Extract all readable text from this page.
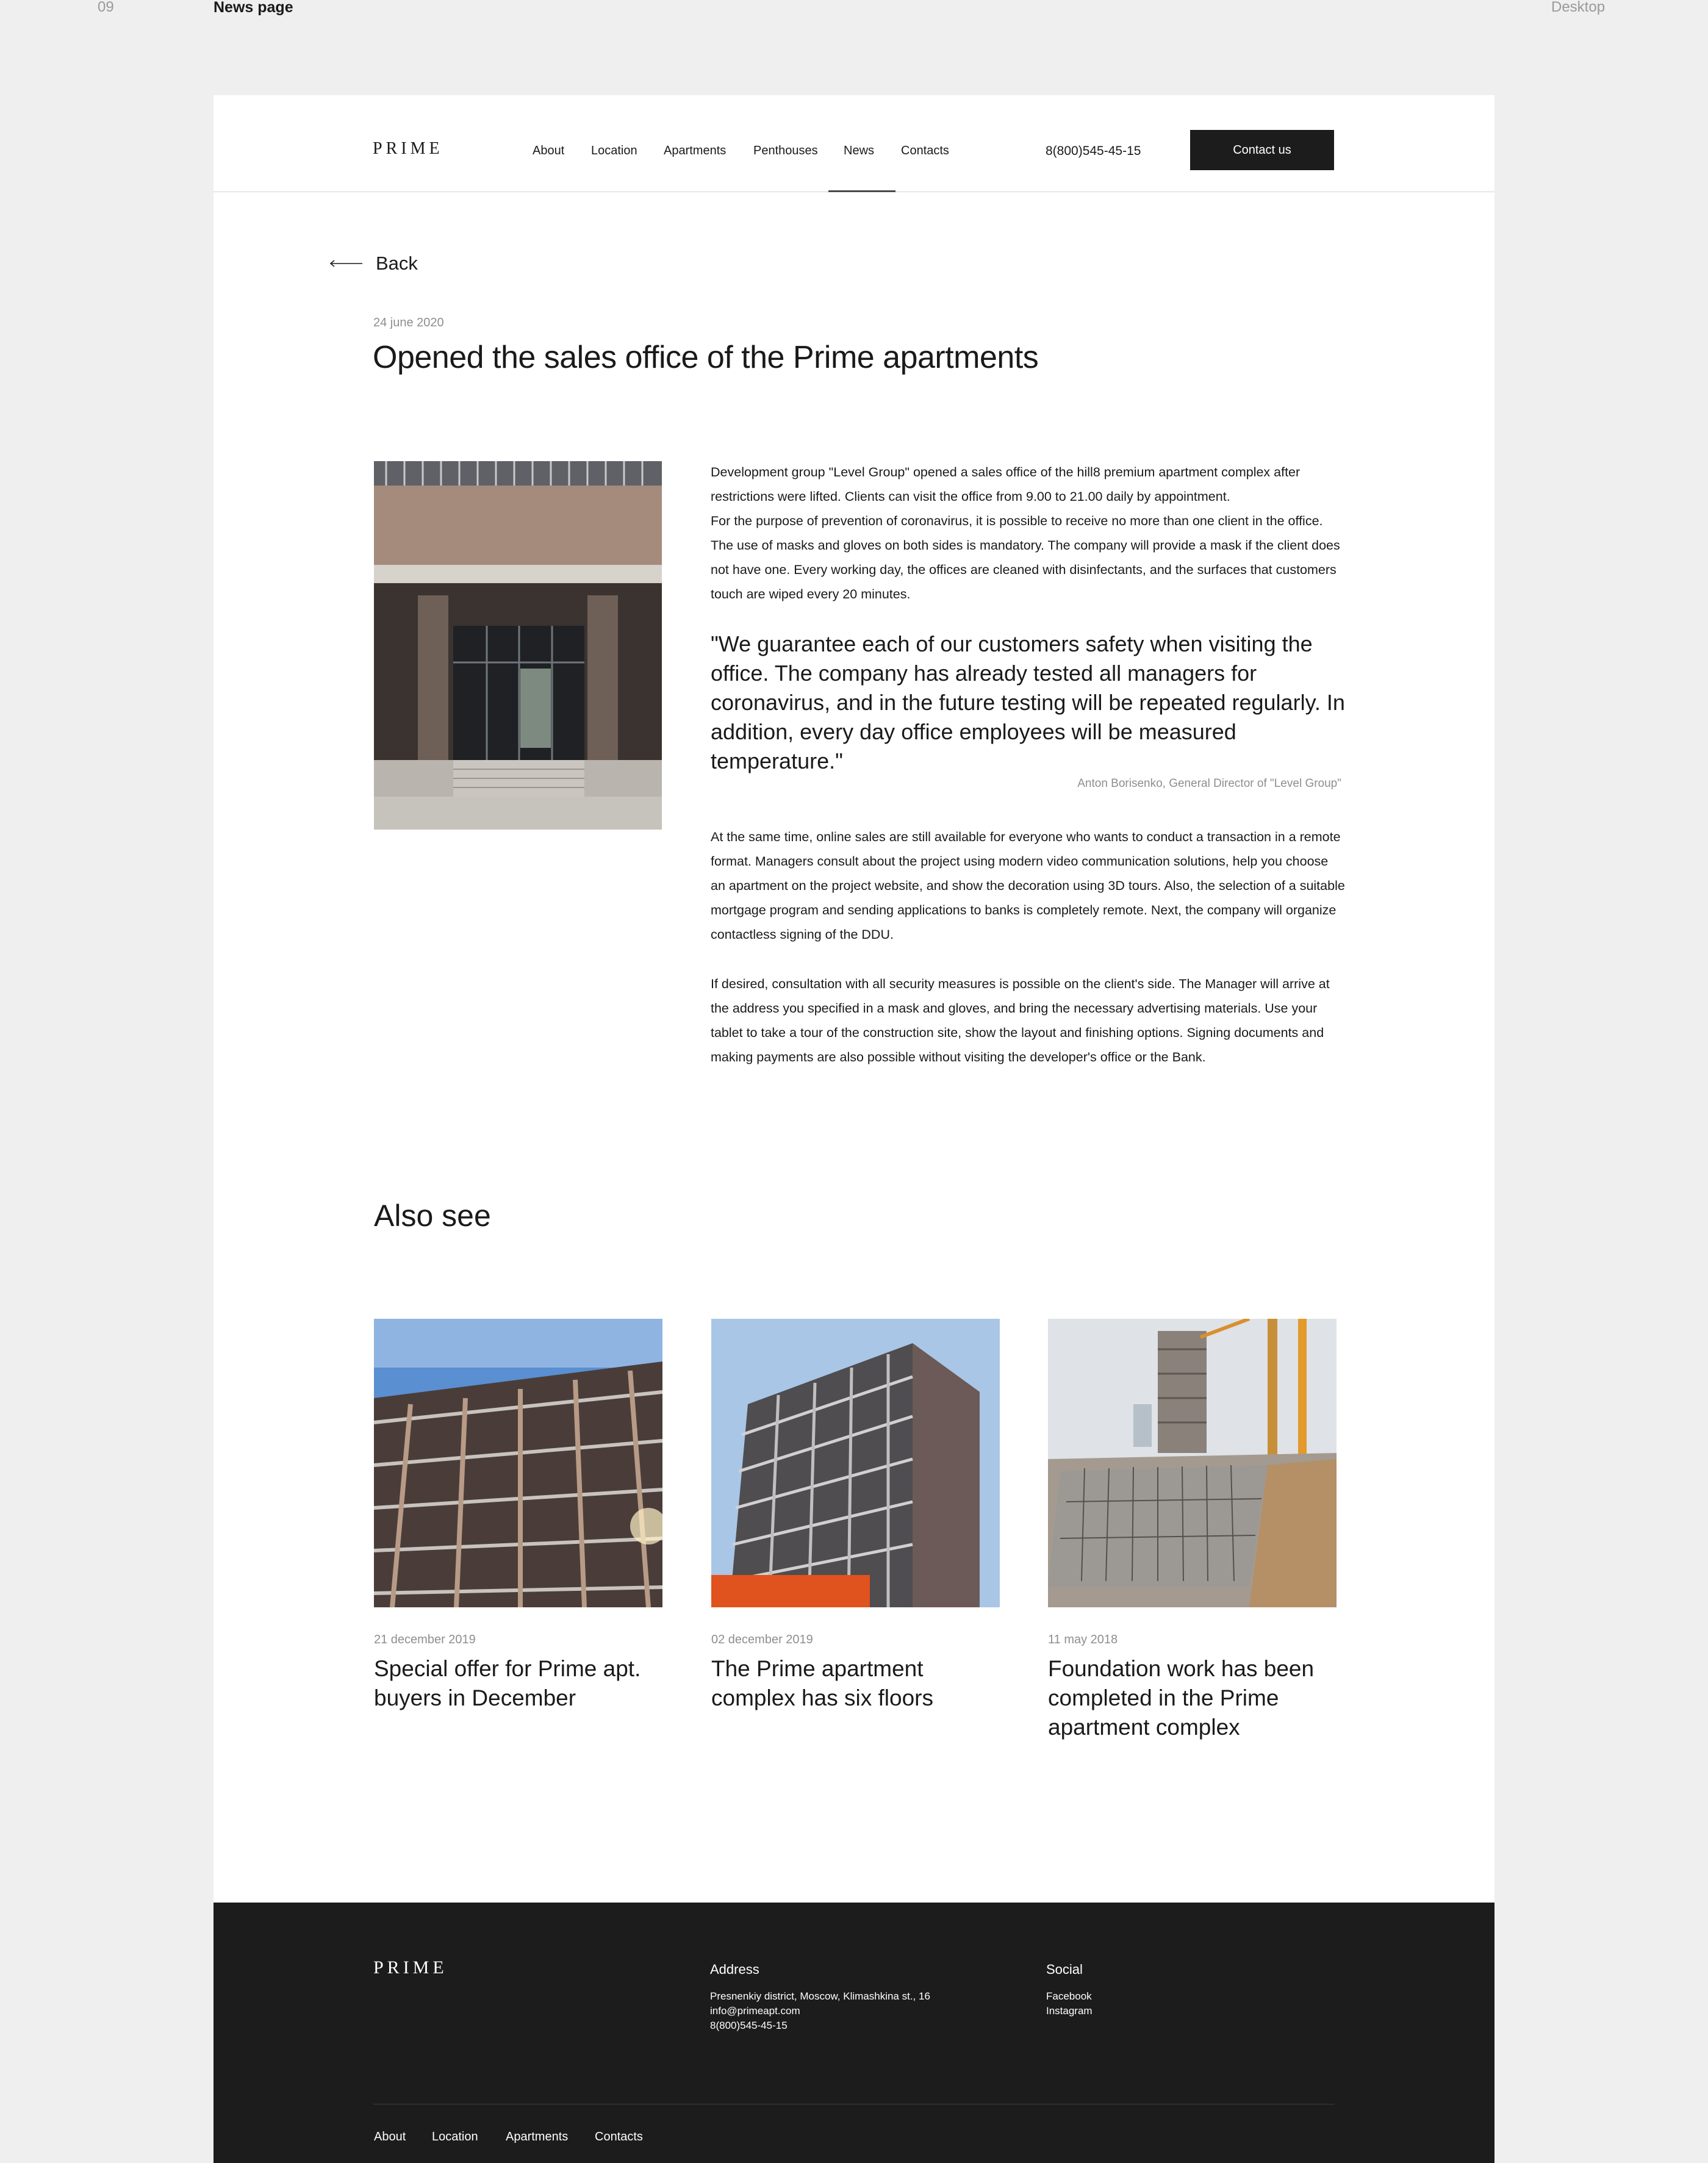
09	News page	Desktop
PRIME	About Location Apartments Penthouses News Contacts	8(800)545-45-15	Contact us
Back
24 june 2020
Opened the sales office of the Prime apartments

Development group "Level Group" opened a sales office of the hill8 premium apartment complex after restrictions were lifted. Clients can visit the office from 9.00 to 21.00 daily by appointment.
For the purpose of prevention of coronavirus, it is possible to receive no more than one client in the office. The use of masks and gloves on both sides is mandatory. The company will provide a mask if the client does not have one. Every working day, the offices are cleaned with disinfectants, and the surfaces that customers touch are wiped every 20 minutes.

"We guarantee each of our customers safety when visiting the office. The company has already tested all managers for coronavirus, and in the future testing will be repeated regularly. In addition, every day office employees will be measured temperature."

Anton Borisenko, General Director of "Level Group"

At the same time, online sales are still available for everyone who wants to conduct a transaction in a remote format. Managers consult about the project using modern video communication solutions, help you choose an apartment on the project website, and show the decoration using 3D tours. Also, the selection of a suitable mortgage program and sending applications to banks is completely remote. Next, the company will organize contactless signing of the DDU.

If desired, consultation with all security measures is possible on the client's side. The Manager will arrive at the address you specified in a mask and gloves, and bring the necessary advertising materials. Use your tablet to take a tour of the construction site, show the layout and finishing options. Signing documents and making payments are also possible without visiting the developer's office or the Bank.

Also see
21 december 2019
Special offer for Prime apt. buyers in December
02 december 2019
The Prime apartment complex has six floors
11 may 2018
Foundation work has been completed in the Prime apartment complex
PRIME	Address
Presnenkiy district, Moscow, Klimashkina st., 16
info@primeapt.com
8(800)545-45-15
Social
Facebook
Instagram
About Location Apartments Contacts
